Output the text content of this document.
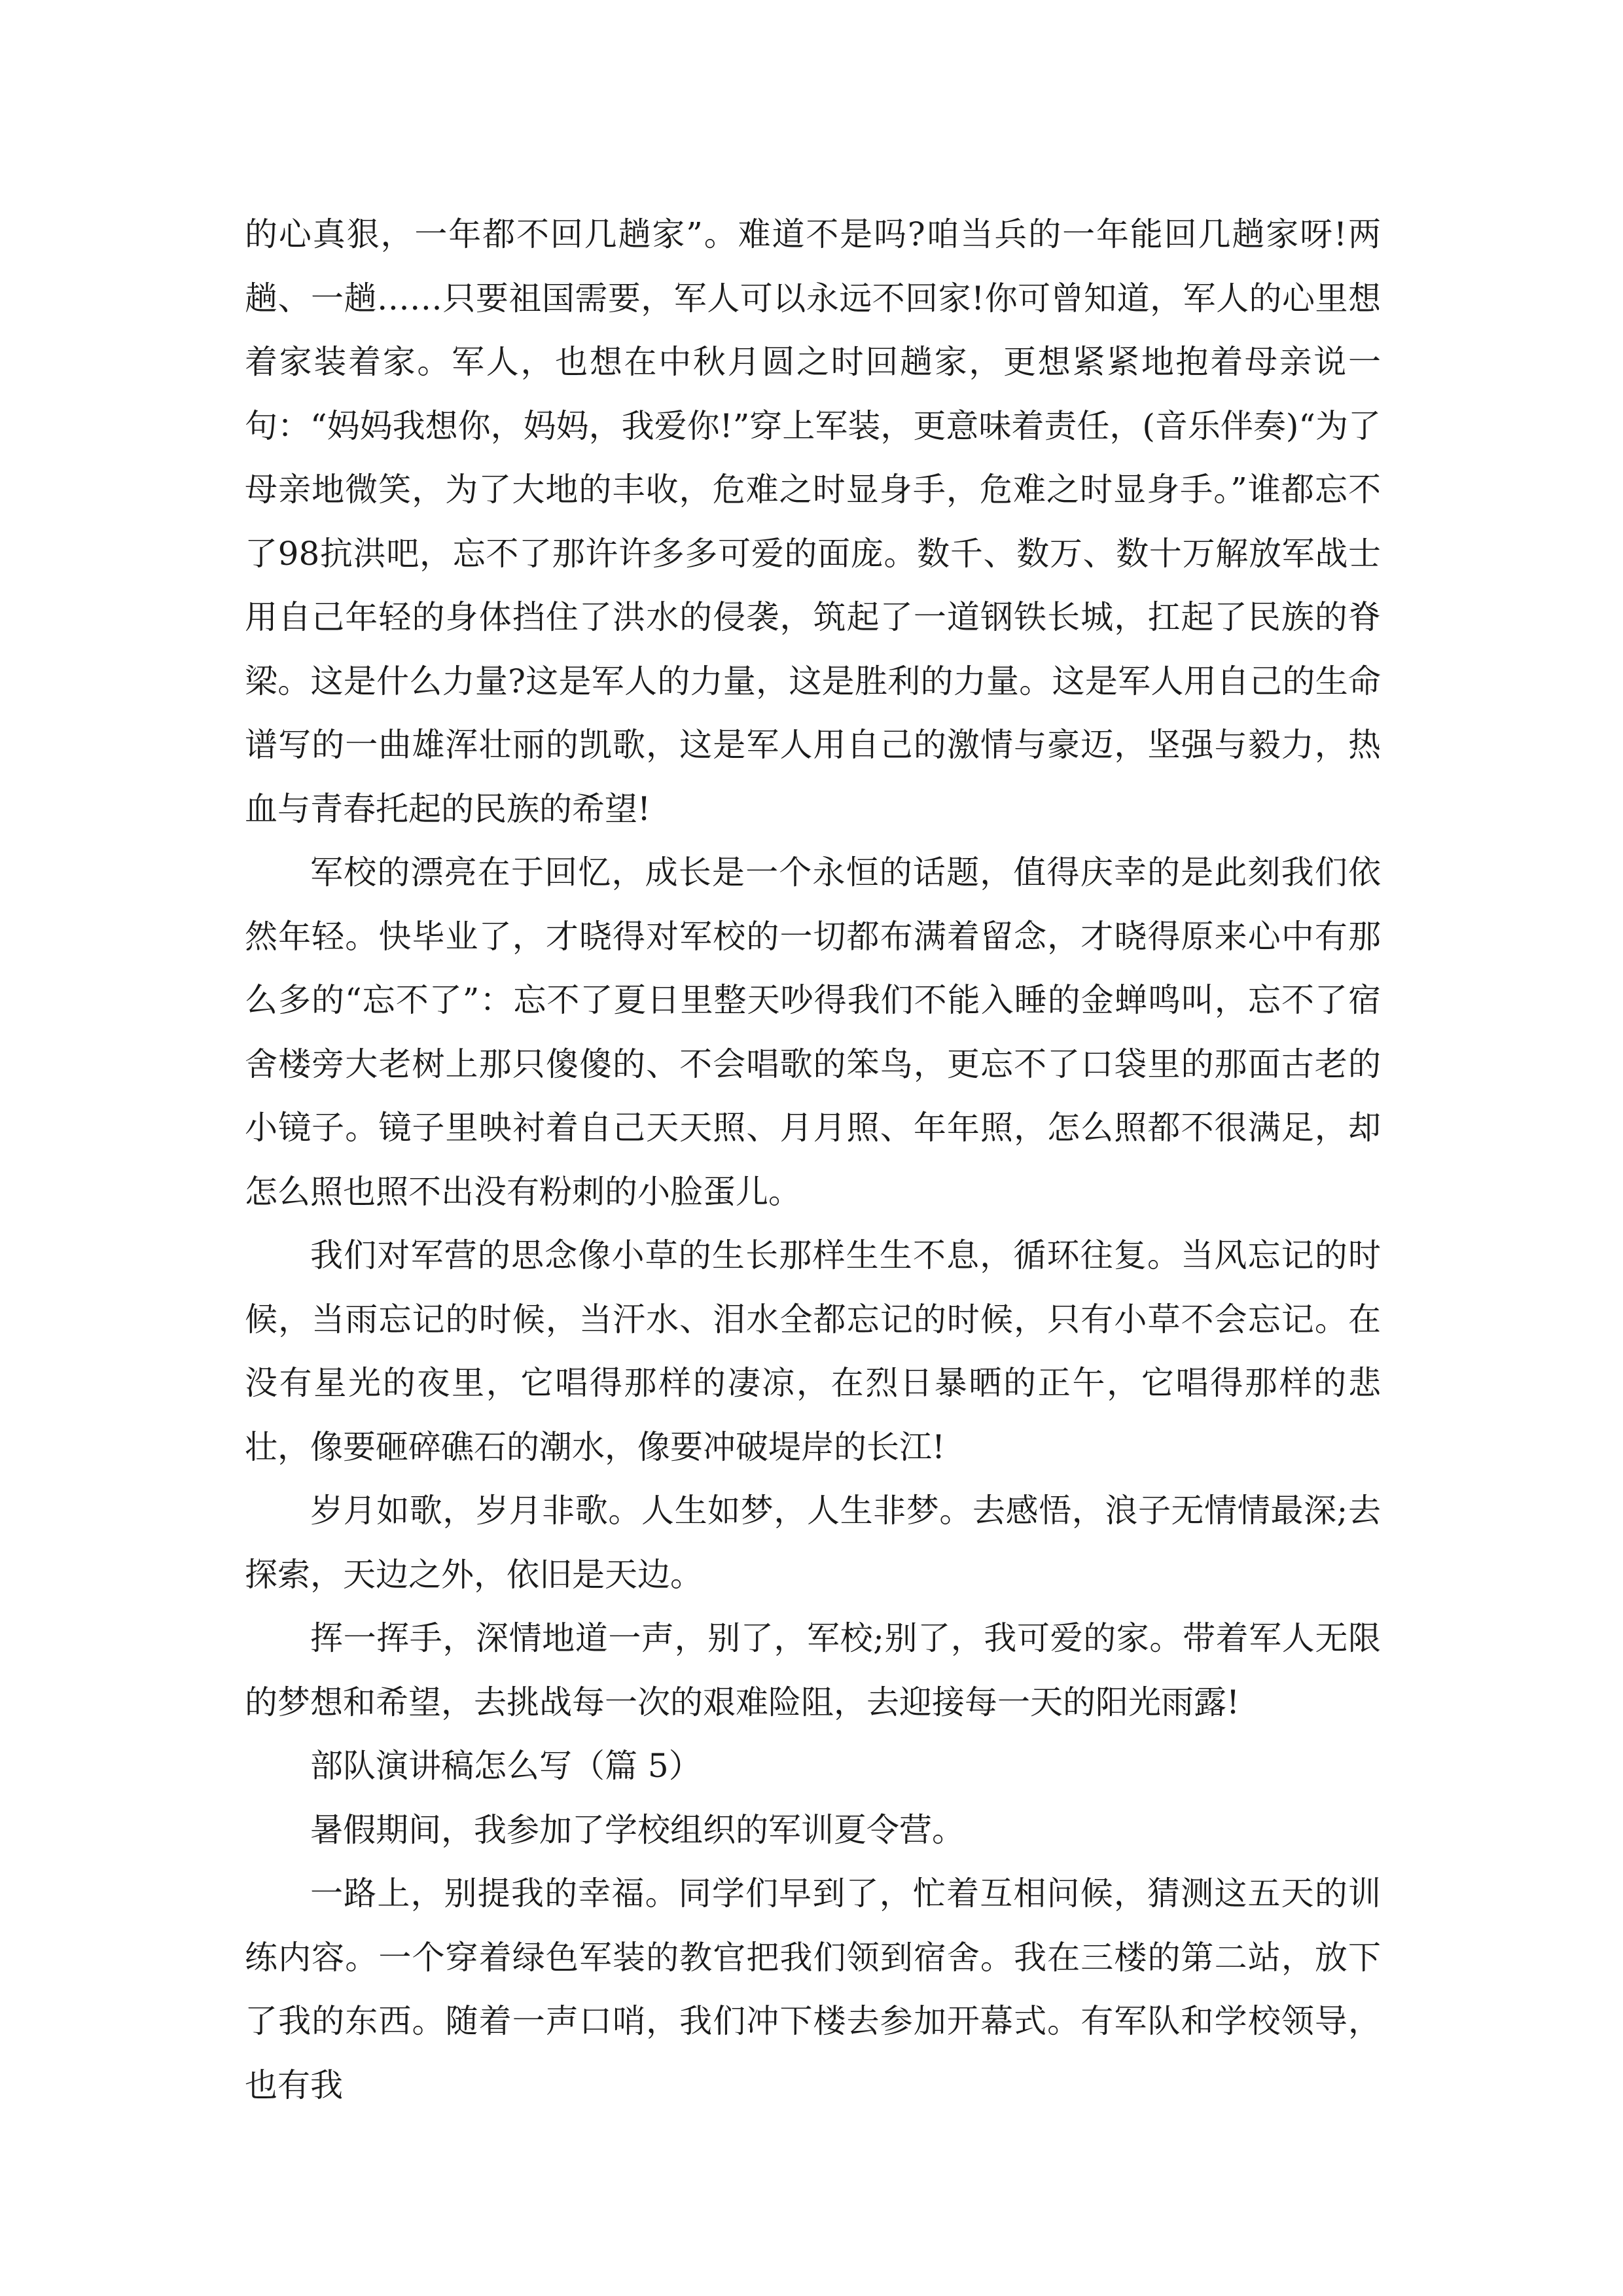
的心真狠，一年都不回几趟家”。难道不是吗?咱当兵的一年能回几趟家呀!两趟、一趟……只要祖国需要，军人可以永远不回家!你可曾知道，军人的心里想着家装着家。军人，也想在中秋月圆之时回趟家，更想紧紧地抱着母亲说一句：“妈妈我想你，妈妈，我爱你!”穿上军装，更意味着责任，(音乐伴奏)“为了母亲地微笑，为了大地的丰收，危难之时显身手，危难之时显身手。”谁都忘不了98抗洪吧，忘不了那许许多多可爱的面庞。数千、数万、数十万解放军战士用自己年轻的身体挡住了洪水的侵袭，筑起了一道钢铁长城，扛起了民族的脊梁。这是什么力量?这是军人的力量，这是胜利的力量。这是军人用自己的生命谱写的一曲雄浑壮丽的凯歌，这是军人用自己的激情与豪迈，坚强与毅力，热血与青春托起的民族的希望!

军校的漂亮在于回忆，成长是一个永恒的话题，值得庆幸的是此刻我们依然年轻。快毕业了，才晓得对军校的一切都布满着留念，才晓得原来心中有那么多的“忘不了”：忘不了夏日里整天吵得我们不能入睡的金蝉鸣叫，忘不了宿舍楼旁大老树上那只傻傻的、不会唱歌的笨鸟，更忘不了口袋里的那面古老的小镜子。镜子里映衬着自己天天照、月月照、年年照，怎么照都不很满足，却怎么照也照不出没有粉刺的小脸蛋儿。

我们对军营的思念像小草的生长那样生生不息，循环往复。当风忘记的时候，当雨忘记的时候，当汗水、泪水全都忘记的时候，只有小草不会忘记。在没有星光的夜里，它唱得那样的凄凉，在烈日暴晒的正午，它唱得那样的悲壮，像要砸碎礁石的潮水，像要冲破堤岸的长江!

岁月如歌，岁月非歌。人生如梦，人生非梦。去感悟，浪子无情情最深;去探索，天边之外，依旧是天边。

挥一挥手，深情地道一声，别了，军校;别了，我可爱的家。带着军人无限的梦想和希望，去挑战每一次的艰难险阻，去迎接每一天的阳光雨露!

部队演讲稿怎么写（篇 5）

暑假期间，我参加了学校组织的军训夏令营。

一路上，别提我的幸福。同学们早到了，忙着互相问候，猜测这五天的训练内容。一个穿着绿色军装的教官把我们领到宿舍。我在三楼的第二站，放下了我的东西。随着一声口哨，我们冲下楼去参加开幕式。有军队和学校领导，也有我
